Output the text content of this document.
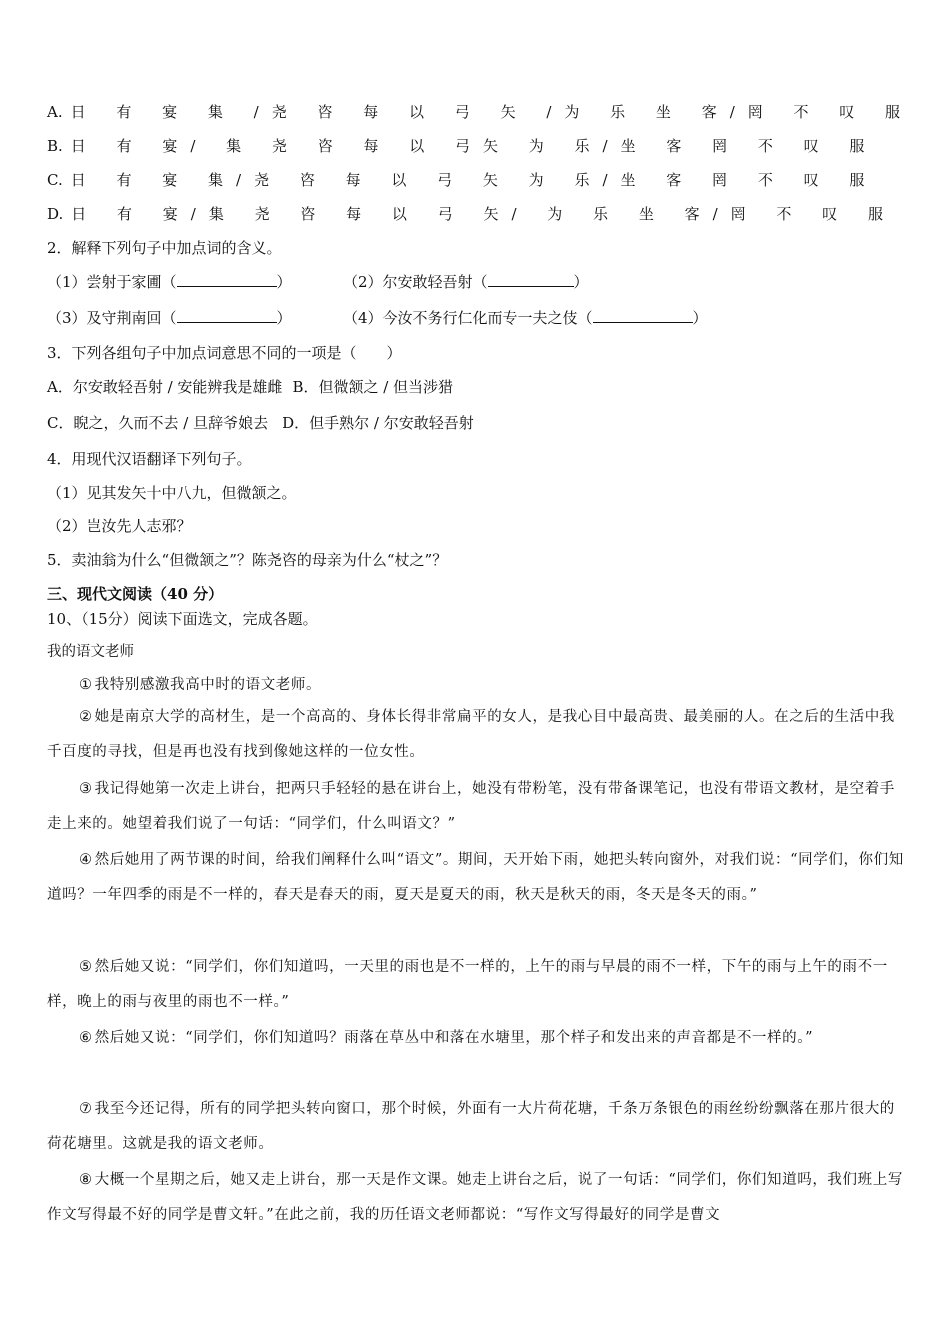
A. 日 有 宴 集 /尧 咨 每 以 弓 矢 /为 乐 坐 客/罔 不 叹 服
B. 日 有 宴/ 集 尧 咨 每 以 弓矢 为 乐/坐 客 罔 不 叹 服
C. 日 有 宴 集/尧 咨 每 以 弓 矢 为 乐/坐 客 罔 不 叹 服
D. 日 有 宴/集 尧 咨 每 以 弓 矢/ 为 乐 坐 客/罔 不 叹 服
2．解释下列句子中加点词的含义。
（1）尝射于家圃（	）	（2）尔安敢轻吾射（	）
（3）及守荆南回（	）	（4）今汝不务行仁化而专一夫之伎（	）
3．下列各组句子中加点词意思不同的一项是（　　）
A．尔安敢轻吾射 / 安能辨我是雄雌 B．但微颔之 / 但当涉猎
C．睨之，久而不去 / 旦辞爷娘去 D．但手熟尔 / 尔安敢轻吾射
4．用现代汉语翻译下列句子。
（1）见其发矢十中八九，但微颔之。
（2）岂汝先人志邪？
5．卖油翁为什么“但微颔之”？陈尧咨的母亲为什么“杖之”？
三、现代文阅读（40 分）
10、（15分）阅读下面选文，完成各题。
我的语文老师
① 我特别感激我高中时的语文老师。
② 她是南京大学的高材生，是一个高高的、身体长得非常扁平的女人，是我心目中最高贵、最美丽的人。在之后的生活中我千百度的寻找，但是再也没有找到像她这样的一位女性。
③ 我记得她第一次走上讲台，把两只手轻轻的悬在讲台上，她没有带粉笔，没有带备课笔记，也没有带语文教材，是空着手走上来的。她望着我们说了一句话：“同学们，什么叫语文？”
④ 然后她用了两节课的时间，给我们阐释什么叫“语文”。期间，天开始下雨，她把头转向窗外，对我们说：“同学们，你们知道吗？一年四季的雨是不一样的，春天是春天的雨，夏天是夏天的雨，秋天是秋天的雨，冬天是冬天的雨。”
⑤ 然后她又说：“同学们，你们知道吗，一天里的雨也是不一样的，上午的雨与早晨的雨不一样，下午的雨与上午的雨不一样，晚上的雨与夜里的雨也不一样。”
⑥ 然后她又说：“同学们，你们知道吗？雨落在草丛中和落在水塘里，那个样子和发出来的声音都是不一样的。”
⑦ 我至今还记得，所有的同学把头转向窗口，那个时候，外面有一大片荷花塘，千条万条银色的雨丝纷纷飘落在那片很大的荷花塘里。这就是我的语文老师。
⑧ 大概一个星期之后，她又走上讲台，那一天是作文课。她走上讲台之后，说了一句话：“同学们，你们知道吗，我们班上写作文写得最不好的同学是曹文轩。”在此之前，我的历任语文老师都说：“写作文写得最好的同学是曹文
